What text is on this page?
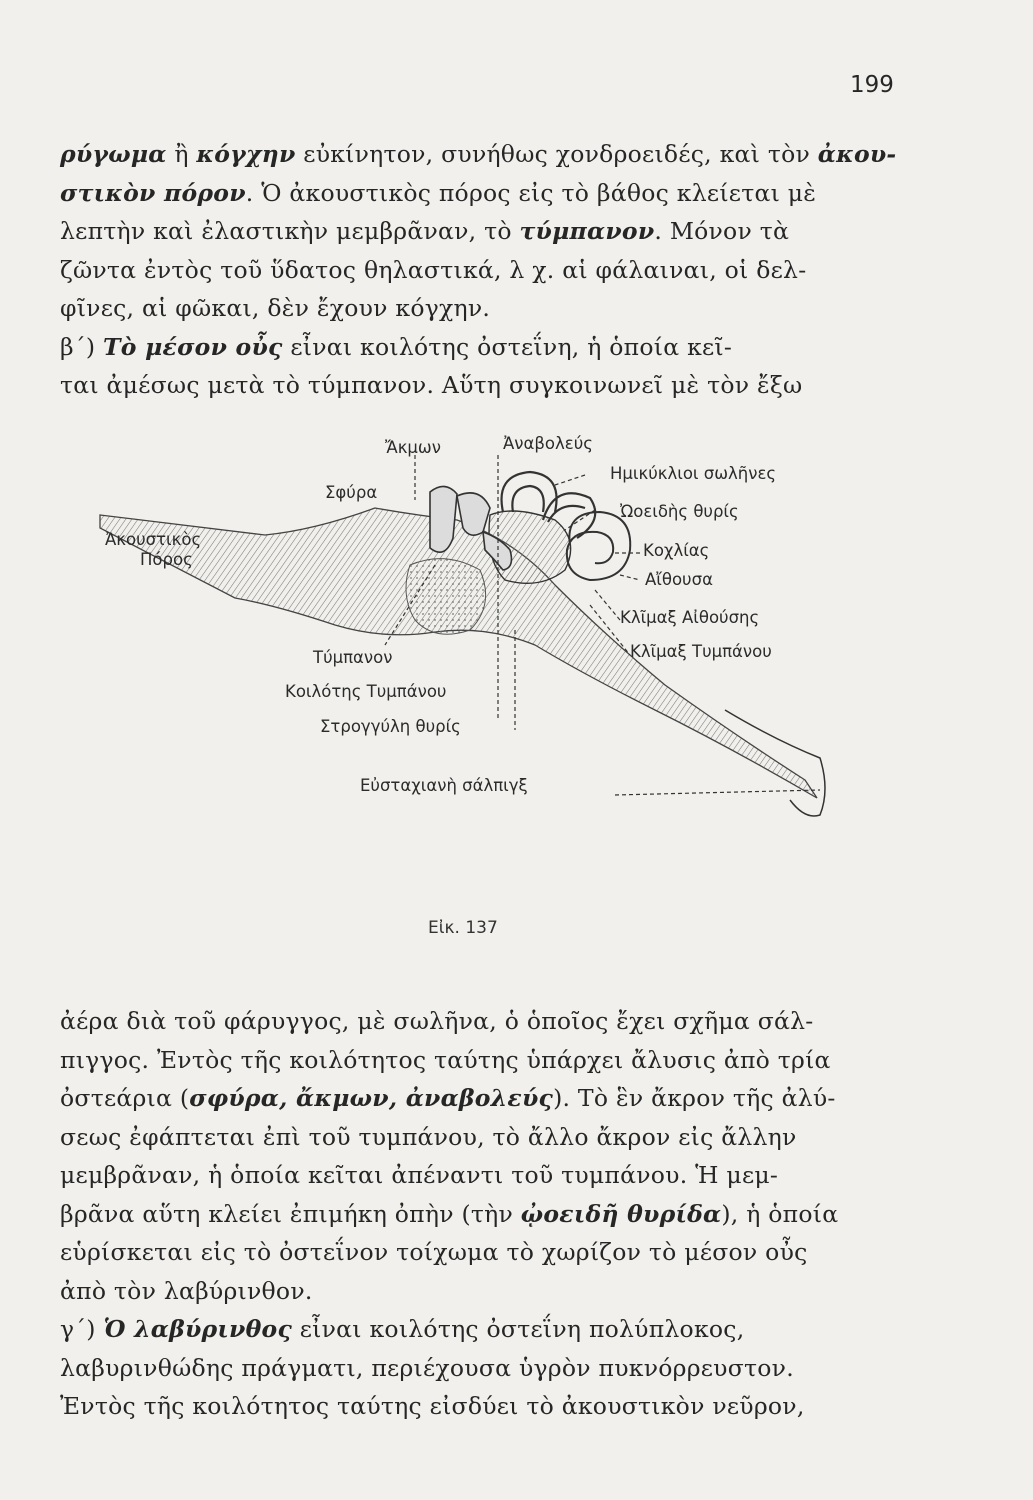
199
ρύγωμα ἢ κόγχην εὐκίνητον, συνήθως χονδροειδές, καὶ τὸν ἀκου-
στικὸν πόρον. Ὁ ἀκουστικὸς πόρος εἰς τὸ βάθος κλείεται μὲ
λεπτὴν καὶ ἐλαστικὴν μεμβρᾶναν, τὸ τύμπανον. Μόνον τὰ
ζῶντα ἐντὸς τοῦ ὕδατος θηλαστικά, λ χ. αἱ φάλαιναι, οἱ δελ-
φῖνες, αἱ φῶκαι, δὲν ἔχουν κόγχην.
β΄) Τὸ μέσον οὖς εἶναι κοιλότης ὀστεΐνη, ἡ ὁποία κεῖ-
ται ἀμέσως μετὰ τὸ τύμπανον. Αὕτη συγκοινωνεῖ μὲ τὸν ἔξω
Ἄκμων	Ἀναβολεύς
Ημικύκλιοι σωλῆνες
Σφύρα
Ὠοειδὴς θυρίς
Ἀκουστικὸς
Πόρος	Κοχλίας
Αἴθουσα
Κλῖμαξ Αἰθούσης
Κλῖμαξ Τυμπάνου
Τύμπανον
Κοιλότης Τυμπάνου
Στρογγύλη θυρίς
Εὐσταχιανὴ σάλπιγξ
Εἰκ. 137
ἀέρα διὰ τοῦ φάρυγγος, μὲ σωλῆνα, ὁ ὁποῖος ἔχει σχῆμα σάλ-
πιγγος. Ἐντὸς τῆς κοιλότητος ταύτης ὑπάρχει ἄλυσις ἀπὸ τρία
ὀστεάρια (σφύρα, ἄκμων, ἀναβολεύς). Τὸ ἓν ἄκρον τῆς ἀλύ-
σεως ἐφάπτεται ἐπὶ τοῦ τυμπάνου, τὸ ἄλλο ἄκρον εἰς ἄλλην
μεμβρᾶναν, ἡ ὁποία κεῖται ἀπέναντι τοῦ τυμπάνου. Ἡ μεμ-
βρᾶνα αὕτη κλείει ἐπιμήκη ὀπὴν (τὴν ᾠοειδῆ θυρίδα), ἡ ὁποία
εὑρίσκεται εἰς τὸ ὀστεΐνον τοίχωμα τὸ χωρίζον τὸ μέσον οὖς
ἀπὸ τὸν λαβύρινθον.
γ΄) Ὁ λαβύρινθος εἶναι κοιλότης ὀστεΐνη πολύπλοκος,
λαβυρινθώδης πράγματι, περιέχουσα ὑγρὸν πυκνόρρευστον.
Ἐντὸς τῆς κοιλότητος ταύτης εἰσδύει τὸ ἀκουστικὸν νεῦρον,
